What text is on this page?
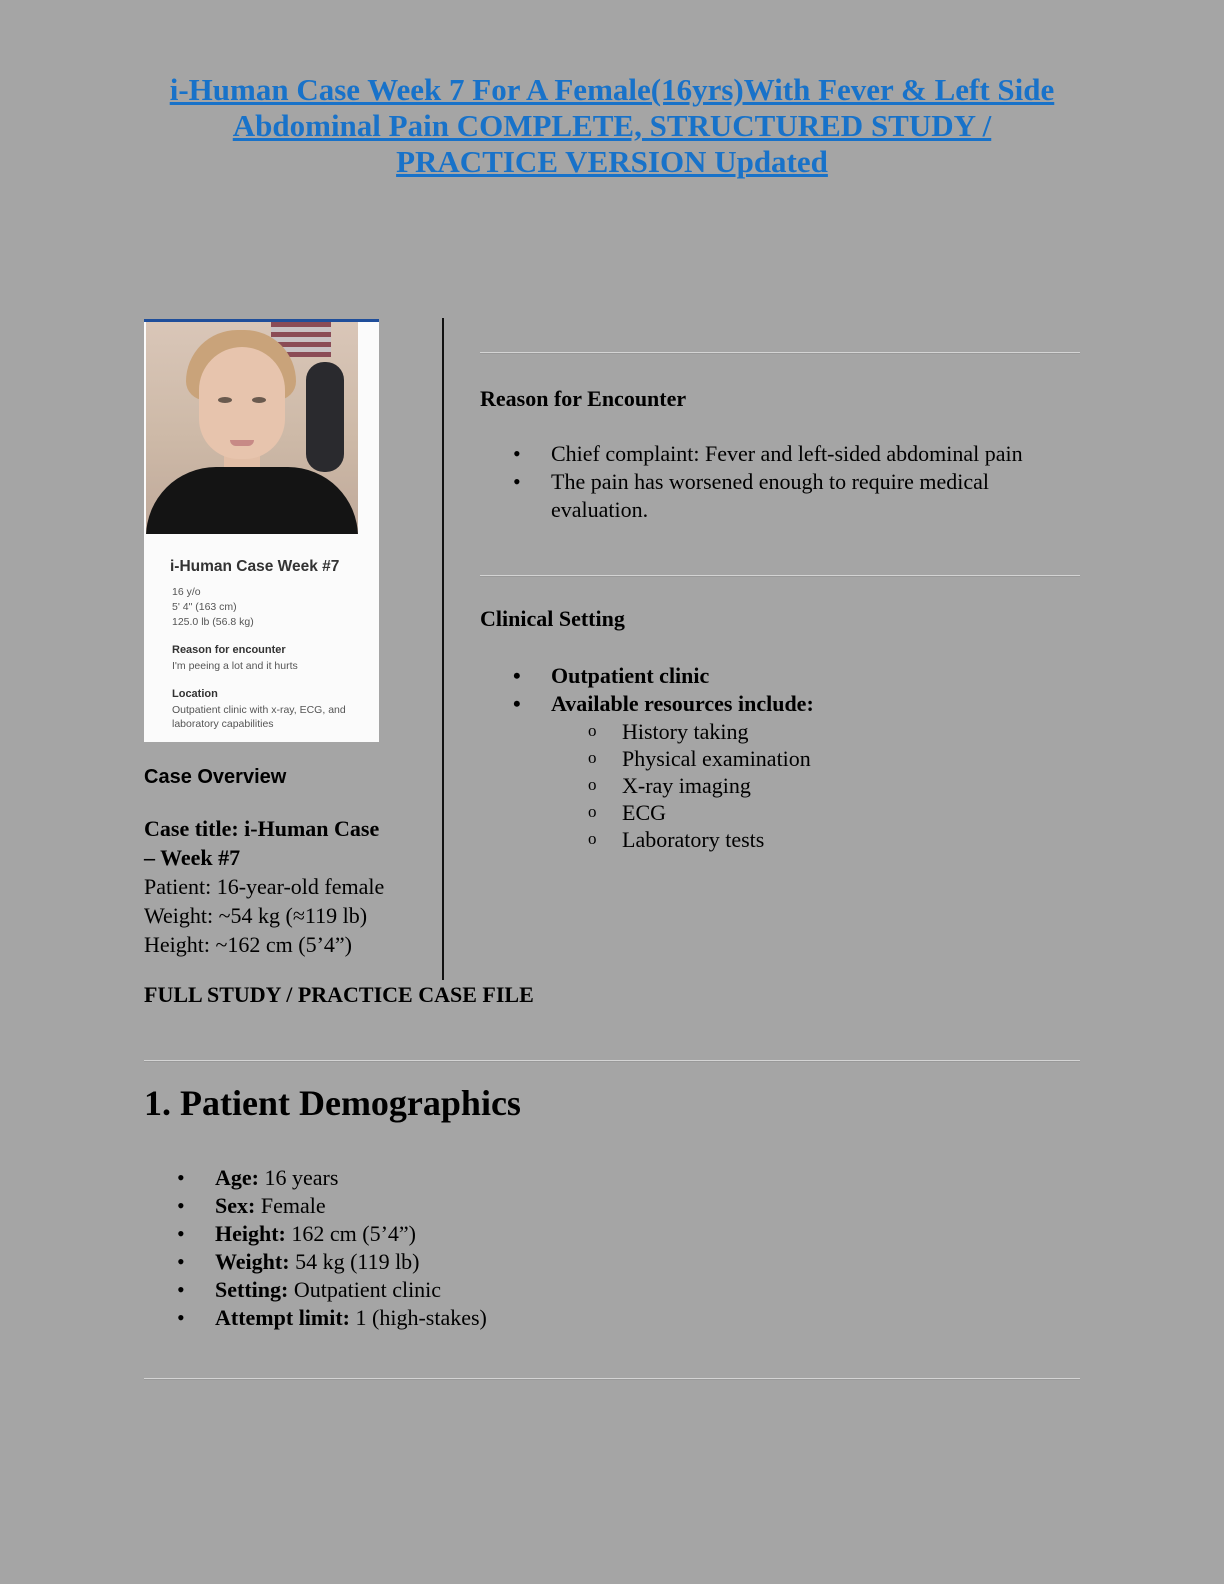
i-Human Case Week 7 For A Female(16yrs)With Fever & Left Side
Abdominal Pain COMPLETE, STRUCTURED STUDY /
PRACTICE VERSION Updated
i-Human Case Week #7
16 y/o
5' 4" (163 cm)
125.0 lb (56.8 kg)
Reason for encounter
I'm peeing a lot and it hurts
Location
Outpatient clinic with x-ray, ECG, and
laboratory capabilities
Case Overview
Case title: i-Human Case
– Week #7
Patient: 16-year-old female
Weight: ~54 kg (≈119 lb)
Height: ~162 cm (5’4”)
Reason for Encounter
• Chief complaint: Fever and left-sided abdominal pain
• The pain has worsened enough to require medical evaluation.
Clinical Setting
• Outpatient clinic
• Available resources include:
o History taking
o Physical examination
o X-ray imaging
o ECG
o Laboratory tests
FULL STUDY / PRACTICE CASE FILE
1. Patient Demographics
• Age: 16 years
• Sex: Female
• Height: 162 cm (5’4”)
• Weight: 54 kg (119 lb)
• Setting: Outpatient clinic
• Attempt limit: 1 (high-stakes)
